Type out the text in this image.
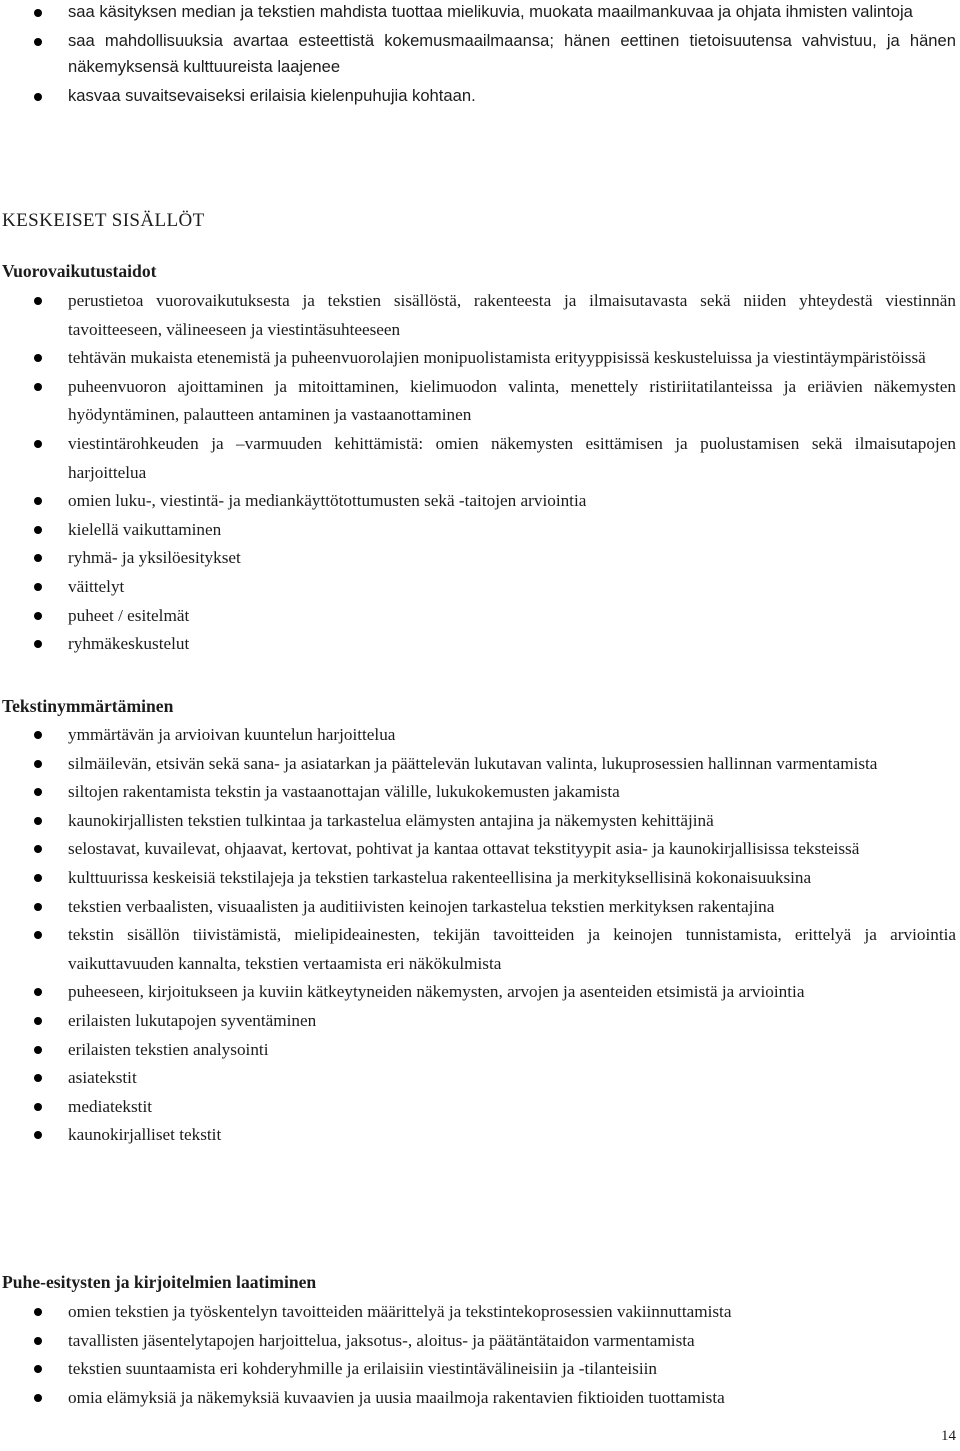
saa käsityksen median ja tekstien mahdista tuottaa mielikuvia, muokata maailmankuvaa ja ohjata ihmisten valintoja
saa mahdollisuuksia avartaa esteettistä kokemusmaailmaansa; hänen eettinen tietoisuutensa vahvistuu, ja hänen näkemyksensä kulttuureista laajenee
kasvaa suvaitsevaiseksi erilaisia kielenpuhujia kohtaan.
KESKEISET SISÄLLÖT
Vuorovaikutustaidot
perustietoa vuorovaikutuksesta ja tekstien sisällöstä, rakenteesta ja ilmaisutavasta sekä niiden yhteydestä viestinnän tavoitteeseen, välineeseen ja viestintäsuhteeseen
tehtävän mukaista etenemistä ja puheenvuorolajien monipuolistamista erityyppisissä keskusteluissa ja viestintäympäristöissä
puheenvuoron ajoittaminen ja mitoittaminen, kielimuodon valinta, menettely ristiriitatilanteissa ja eriävien näkemysten hyödyntäminen, palautteen antaminen ja vastaanottaminen
viestintärohkeuden ja –varmuuden kehittämistä: omien näkemysten esittämisen ja puolustamisen sekä ilmaisutapojen harjoittelua
omien luku-, viestintä- ja mediankäyttötottumusten sekä -taitojen arviointia
kielellä vaikuttaminen
ryhmä- ja yksilöesitykset
väittelyt
puheet / esitelmät
ryhmäkeskustelut
Tekstinymmärtäminen
ymmärtävän ja arvioivan kuuntelun harjoittelua
silmäilevän, etsivän sekä sana- ja asiatarkan ja päättelevän lukutavan valinta, lukuprosessien hallinnan varmentamista
siltojen rakentamista tekstin ja vastaanottajan välille, lukukokemusten jakamista
kaunokirjallisten tekstien tulkintaa ja tarkastelua elämysten antajina ja näkemysten kehittäjinä
selostavat, kuvailevat, ohjaavat, kertovat, pohtivat ja kantaa ottavat tekstityypit asia- ja kaunokirjallisissa teksteissä
kulttuurissa keskeisiä tekstilajeja ja tekstien tarkastelua rakenteellisina ja merkityksellisinä kokonaisuuksina
tekstien verbaalisten, visuaalisten ja auditiivisten keinojen tarkastelua tekstien merkityksen rakentajina
tekstin sisällön tiivistämistä, mielipideainesten, tekijän tavoitteiden ja keinojen tunnistamista, erittelyä ja arviointia vaikuttavuuden kannalta, tekstien vertaamista eri näkökulmista
puheeseen, kirjoitukseen ja kuviin kätkeytyneiden näkemysten, arvojen ja asenteiden etsimistä ja arviointia
erilaisten lukutapojen syventäminen
erilaisten tekstien analysointi
asiatekstit
mediatekstit
kaunokirjalliset tekstit
Puhe-esitysten ja kirjoitelmien laatiminen
omien tekstien ja työskentelyn tavoitteiden määrittelyä ja tekstintekoprosessien vakiinnuttamista
tavallisten jäsentelytapojen harjoittelua, jaksotus-, aloitus- ja päätäntätaidon varmentamista
tekstien suuntaamista eri kohderyhmille ja erilaisiin viestintävälineisiin ja -tilanteisiin
omia elämyksiä ja näkemyksiä kuvaavien ja uusia maailmoja rakentavien fiktioiden tuottamista
14
